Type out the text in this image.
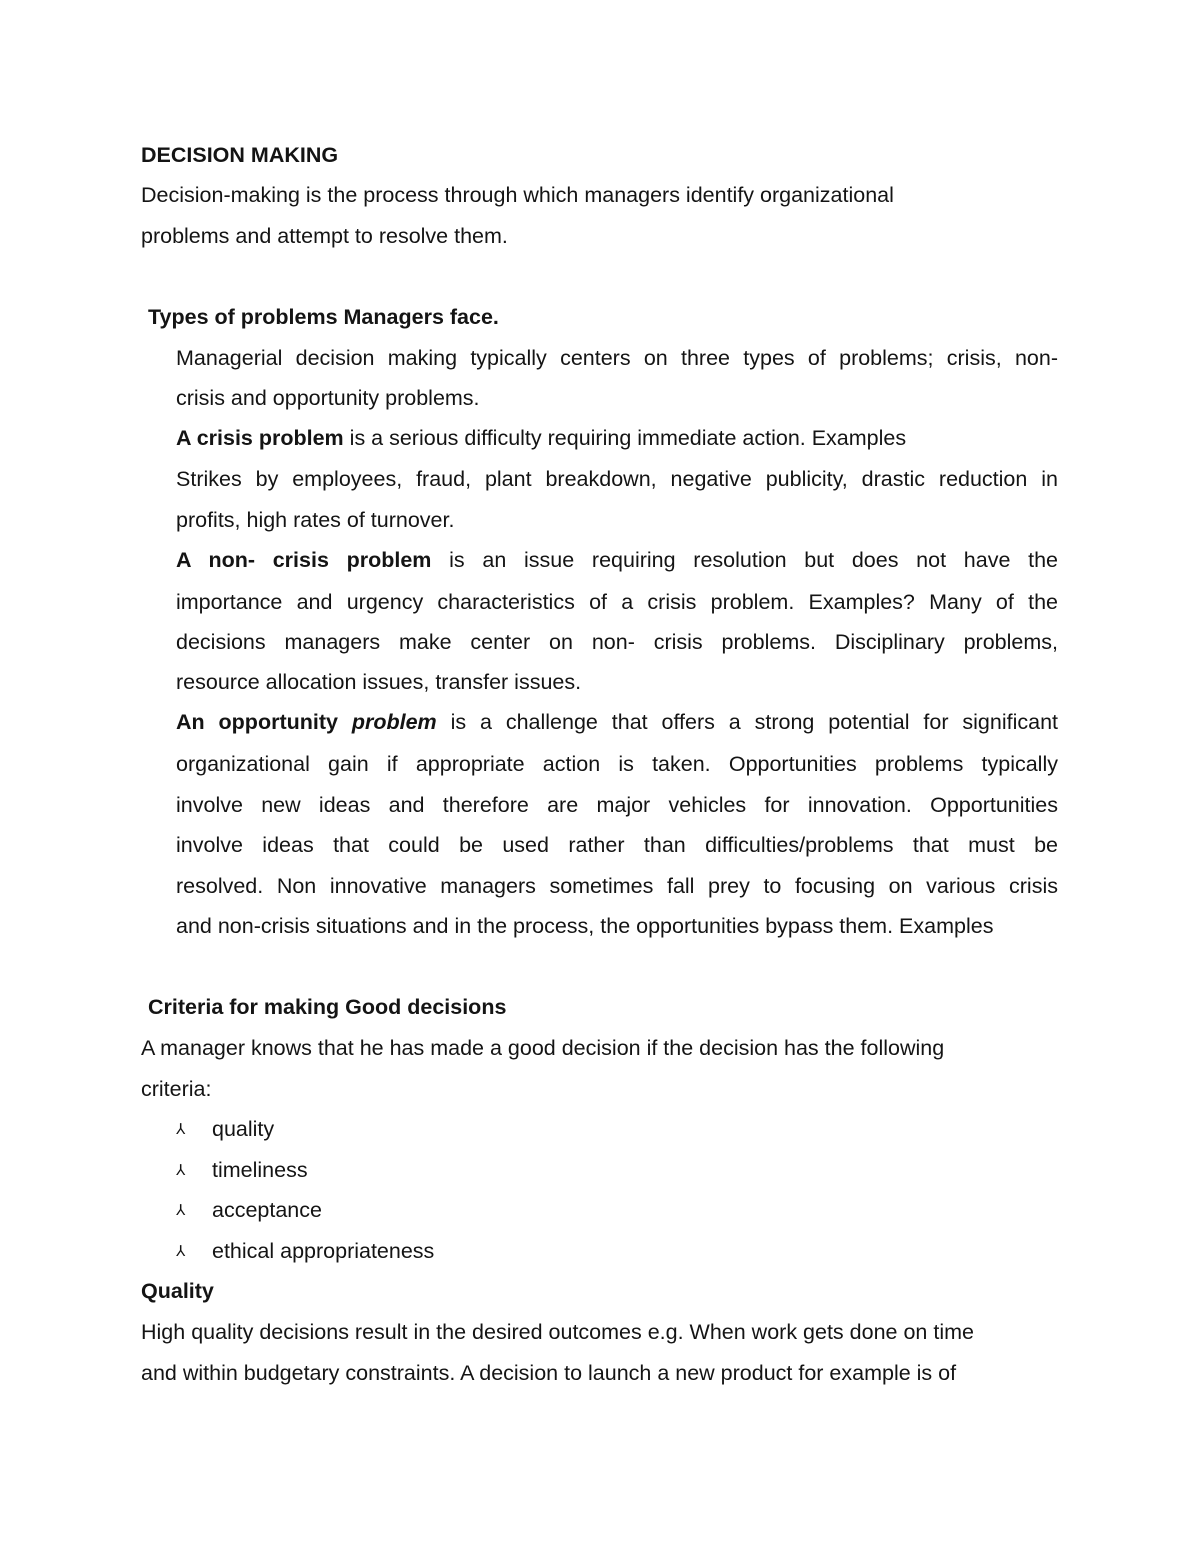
DECISION MAKING

Decision-making is the process through which managers identify organizational

problems and attempt to resolve them.

Types of problems Managers face.

Managerial decision making typically centers on three types of problems; crisis, non-

crisis and opportunity problems.

A crisis problem is a serious difficulty requiring immediate action. Examples

Strikes by employees, fraud, plant breakdown, negative publicity, drastic reduction in

profits, high rates of turnover.

A non- crisis problem is an issue requiring resolution but does not have the

importance and urgency characteristics of a crisis problem. Examples? Many of the

decisions managers make center on non- crisis problems. Disciplinary problems,

resource allocation issues, transfer issues.

An opportunity problem is a challenge that offers a strong potential for significant

organizational gain if appropriate action is taken. Opportunities problems typically

involve new ideas and therefore are major vehicles for innovation. Opportunities

involve ideas that could be used rather than difficulties/problems that must be

resolved. Non innovative managers sometimes fall prey to focusing on various crisis

and non-crisis situations and in the process, the opportunities bypass them. Examples

Criteria for making Good decisions

A manager knows that he has made a good decision if the decision has the following

criteria:

⅄ quality
⅄ timeliness
⅄ acceptance
⅄ ethical appropriateness

Quality

High quality decisions result in the desired outcomes e.g. When work gets done on time

and within budgetary constraints. A decision to launch a new product for example is of
